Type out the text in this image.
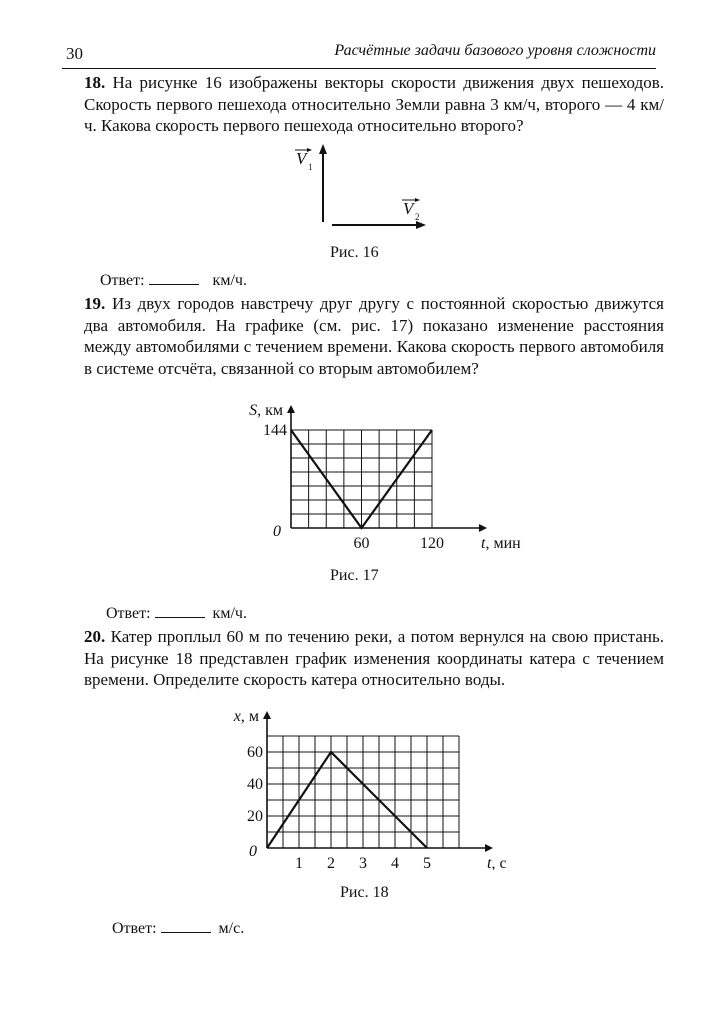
30	Расчётные задачи базового уровня сложности
18. На рисунке 16 изображены векторы скорости движения двух пешеходов. Скорость первого пешехода относительно Земли равна 3 км/ч, второго — 4 км/ч. Какова скорость первого пешехода относительно второго?
V 1
V 2
Рис. 16
Ответ:	км/ч.
19. Из двух городов навстречу друг другу с постоянной скоростью движутся два автомобиля. На графике (см. рис. 17) показано изменение расстояния между автомобилями с течением времени. Какова скорость первого автомобиля в системе отсчёта, связанной со вторым автомобилем?
0
60	120
144
t, мин
S, км
Рис. 17
Ответ:	км/ч.
20. Катер проплыл 60 м по течению реки, а потом вернулся на свою пристань. На рисунке 18 представлен график изменения координаты катера с течением времени. Определите скорость катера относительно воды.
0
1 2 3 4 5
20
40
60
t, с
x, м
Рис. 18
Ответ:	м/с.
